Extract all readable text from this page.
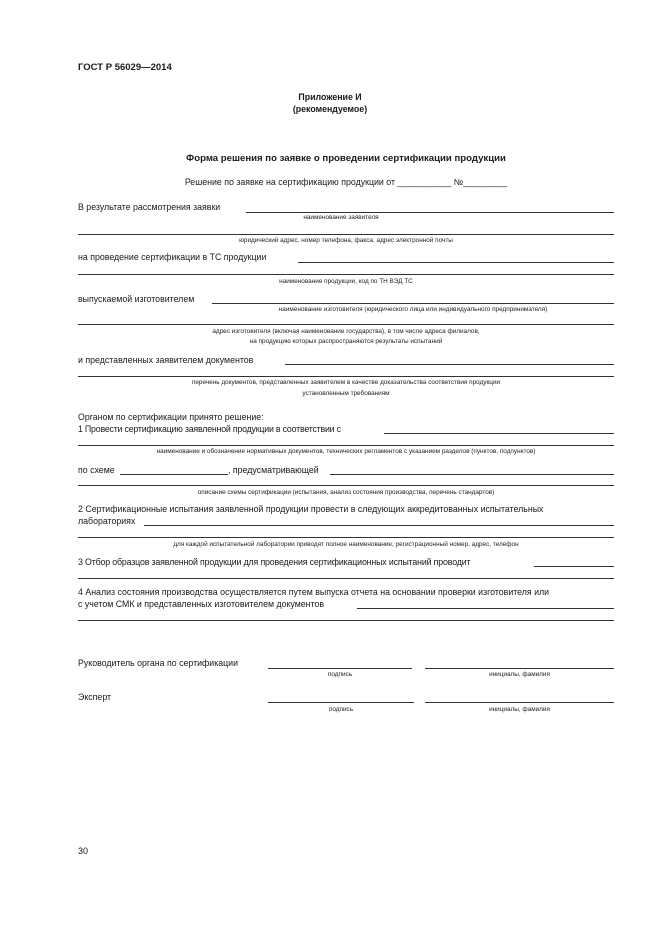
ГОСТ Р 56029—2014
Приложение И
(рекомендуемое)
Форма решения по заявке о проведении сертификации продукции
Решение по заявке на сертификацию продукции от ___________ №_________
В результате рассмотрения заявки
наименование заявителя
юридический адрес, номер телефона, факса, адрес электронной почты
на проведение сертификации в ТС продукции
наименование продукции, код по ТН ВЭД ТС
выпускаемой изготовителем
наименование изготовителя (юридического лица или индивидуального предпринимателя)
адрес изготовителя (включая наименование государства), в том числе адреса филиалов,
на продукцию которых распространяются результаты испытаний
и представленных заявителем документов
перечень документов, представленных заявителем в качестве доказательства соответствия продукции
установленным требованиям
Органом по сертификации принято решение:
1 Провести сертификацию заявленной продукции в соответствии с
наименование и обозначение нормативных документов, технических регламентов с указанием разделов (пунктов, подпунктов)
по схеме	, предусматривающей
описание схемы сертификации (испытания, анализ состояния производства, перечень стандартов)
2 Сертификационные испытания заявленной продукции провести в следующих аккредитованных испытательных
лабораториях
для каждой испытательной лаборатории приводят полное наименование, регистрационный номер, адрес, телефон
3 Отбор образцов заявленной продукции для проведения сертификационных испытаний проводит
4 Анализ состояния производства осуществляется путем выпуска отчета на основании проверки изготовителя или
с учетом СМК и представленных изготовителем документов
Руководитель органа по сертификации
подпись	инициалы, фамилия
Эксперт
подпись	инициалы, фамилия
30
